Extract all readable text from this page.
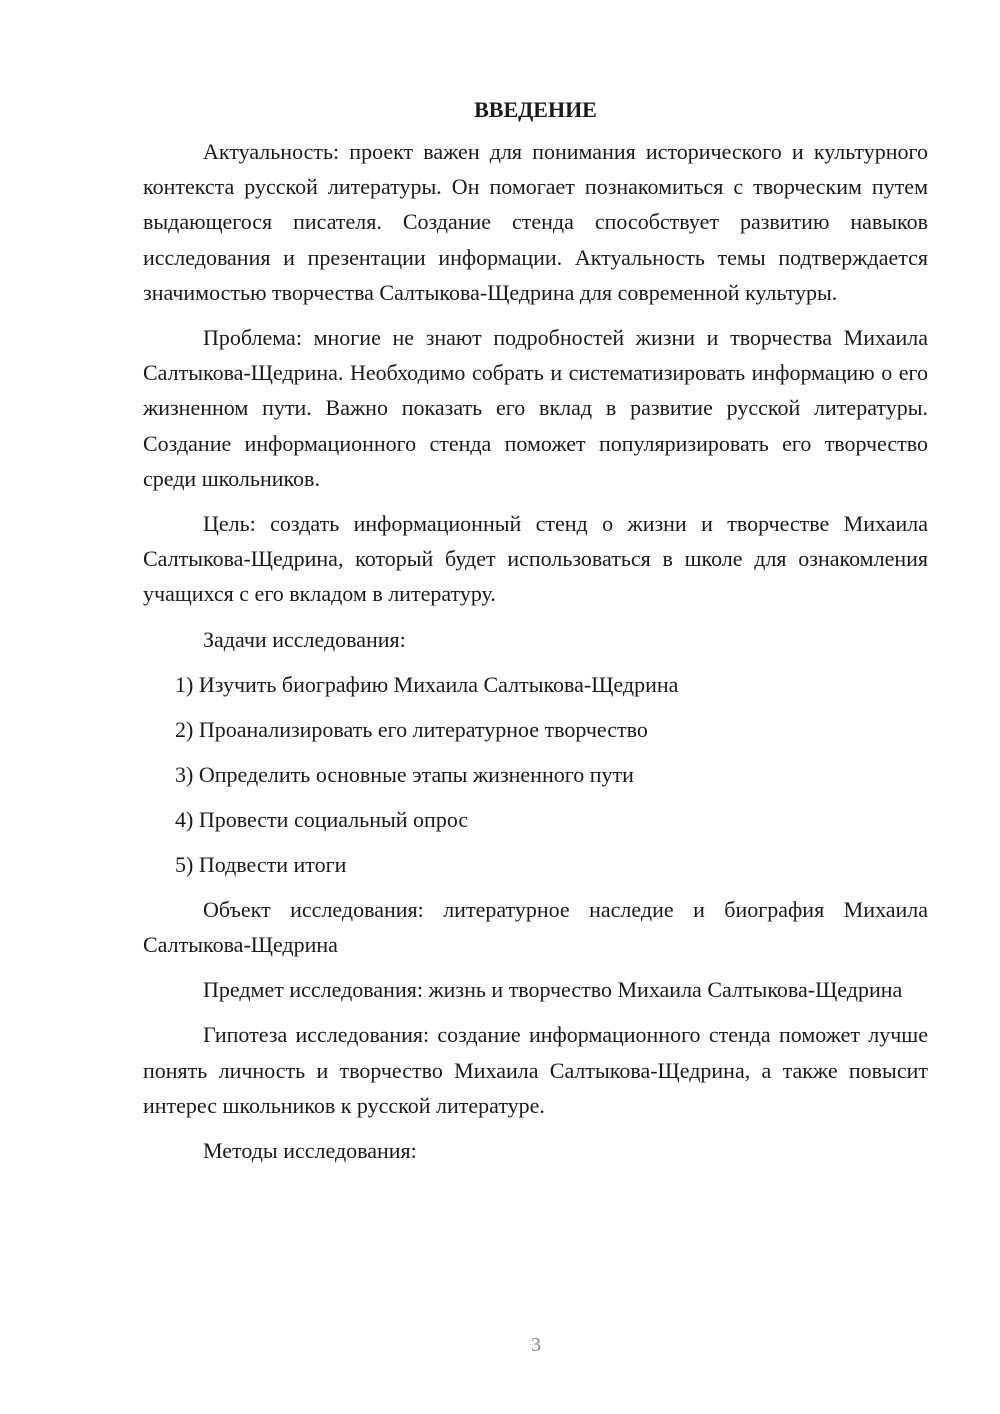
ВВЕДЕНИЕ

Актуальность: проект важен для понимания исторического и культурного контекста русской литературы. Он помогает познакомиться с творческим путем выдающегося писателя. Создание стенда способствует развитию навыков исследования и презентации информации. Актуальность темы подтверждается значимостью творчества Салтыкова-Щедрина для современной культуры.

Проблема: многие не знают подробностей жизни и творчества Михаила Салтыкова-Щедрина. Необходимо собрать и систематизировать информацию о его жизненном пути. Важно показать его вклад в развитие русской литературы. Создание информационного стенда поможет популяризировать его творчество среди школьников.

Цель: создать информационный стенд о жизни и творчестве Михаила Салтыкова-Щедрина, который будет использоваться в школе для ознакомления учащихся с его вкладом в литературу.

Задачи исследования:

1) Изучить биографию Михаила Салтыкова-Щедрина
2) Проанализировать его литературное творчество
3) Определить основные этапы жизненного пути
4) Провести социальный опрос
5) Подвести итоги

Объект исследования: литературное наследие и биография Михаила Салтыкова-Щедрина

Предмет исследования: жизнь и творчество Михаила Салтыкова-Щедрина

Гипотеза исследования: создание информационного стенда поможет лучше понять личность и творчество Михаила Салтыкова-Щедрина, а также повысит интерес школьников к русской литературе.

Методы исследования:

3
